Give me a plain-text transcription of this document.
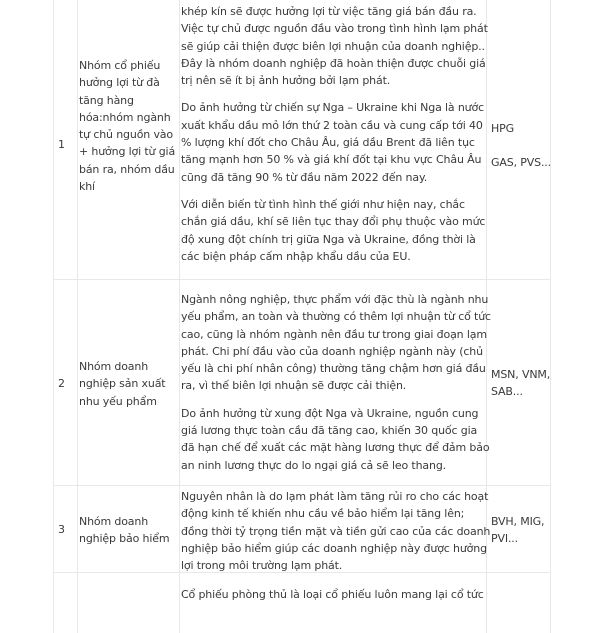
1
Nhóm cổ phiếu hưởng lợi từ đà tăng hàng hóa:nhóm ngành tự chủ nguồn vào + hưởng lợi từ giá bán ra, nhóm dầu khí

khép kín sẽ được hưởng lợi từ việc tăng giá bán đầu ra. Việc tự chủ được nguồn đầu vào trong tình hình lạm phát sẽ giúp cải thiện được biên lợi nhuận của doanh nghiệp.. Đây là nhóm doanh nghiệp đã hoàn thiện được chuỗi giá trị nên sẽ ít bị ảnh hưởng bởi lạm phát.

Do ảnh hưởng từ chiến sự Nga – Ukraine khi Nga là nước xuất khẩu dầu mỏ lớn thứ 2 toàn cầu và cung cấp tới 40 % lượng khí đốt cho Châu Âu, giá dầu Brent đã liên tục tăng mạnh hơn 50 % và giá khí đốt tại khu vực Châu Âu cũng đã tăng 90 % từ đầu năm 2022 đến nay.

Với diễn biến từ tình hình thế giới như hiện nay, chắc chắn giá dầu, khí sẽ liên tục thay đổi phụ thuộc vào mức độ xung đột chính trị giữa Nga và Ukraine, đồng thời là các biện pháp cấm nhập khẩu dầu của EU.

HPG

GAS, PVS...

2
Nhóm doanh nghiệp sản xuất nhu yếu phẩm

Ngành nông nghiệp, thực phẩm với đặc thù là ngành nhu yếu phẩm, an toàn và thường có thêm lợi nhuận từ cổ tức cao, cũng là nhóm ngành nên đầu tư trong giai đoạn lạm phát. Chi phí đầu vào của doanh nghiệp ngành này (chủ yếu là chi phí nhân công) thường tăng chậm hơn giá đầu ra, vì thế biên lợi nhuận sẽ được cải thiện.

Do ảnh hưởng từ xung đột Nga và Ukraine, nguồn cung giá lương thực toàn cầu đã tăng cao, khiến 30 quốc gia đã hạn chế để xuất các mặt hàng lương thực để đảm bảo an ninh lương thực do lo ngại giá cả sẽ leo thang.

MSN, VNM, SAB...

3
Nhóm doanh nghiệp bảo hiểm

Nguyên nhân là do lạm phát làm tăng rủi ro cho các hoạt động kinh tế khiến nhu cầu về bảo hiểm lại tăng lên; đồng thời tỷ trọng tiền mặt và tiền gửi cao của các doanh nghiệp bảo hiểm giúp các doanh nghiệp này được hưởng lợi trong môi trường lạm phát.

BVH, MIG, PVI...

Cổ phiếu phòng thủ là loại cổ phiếu luôn mang lại cổ tức
